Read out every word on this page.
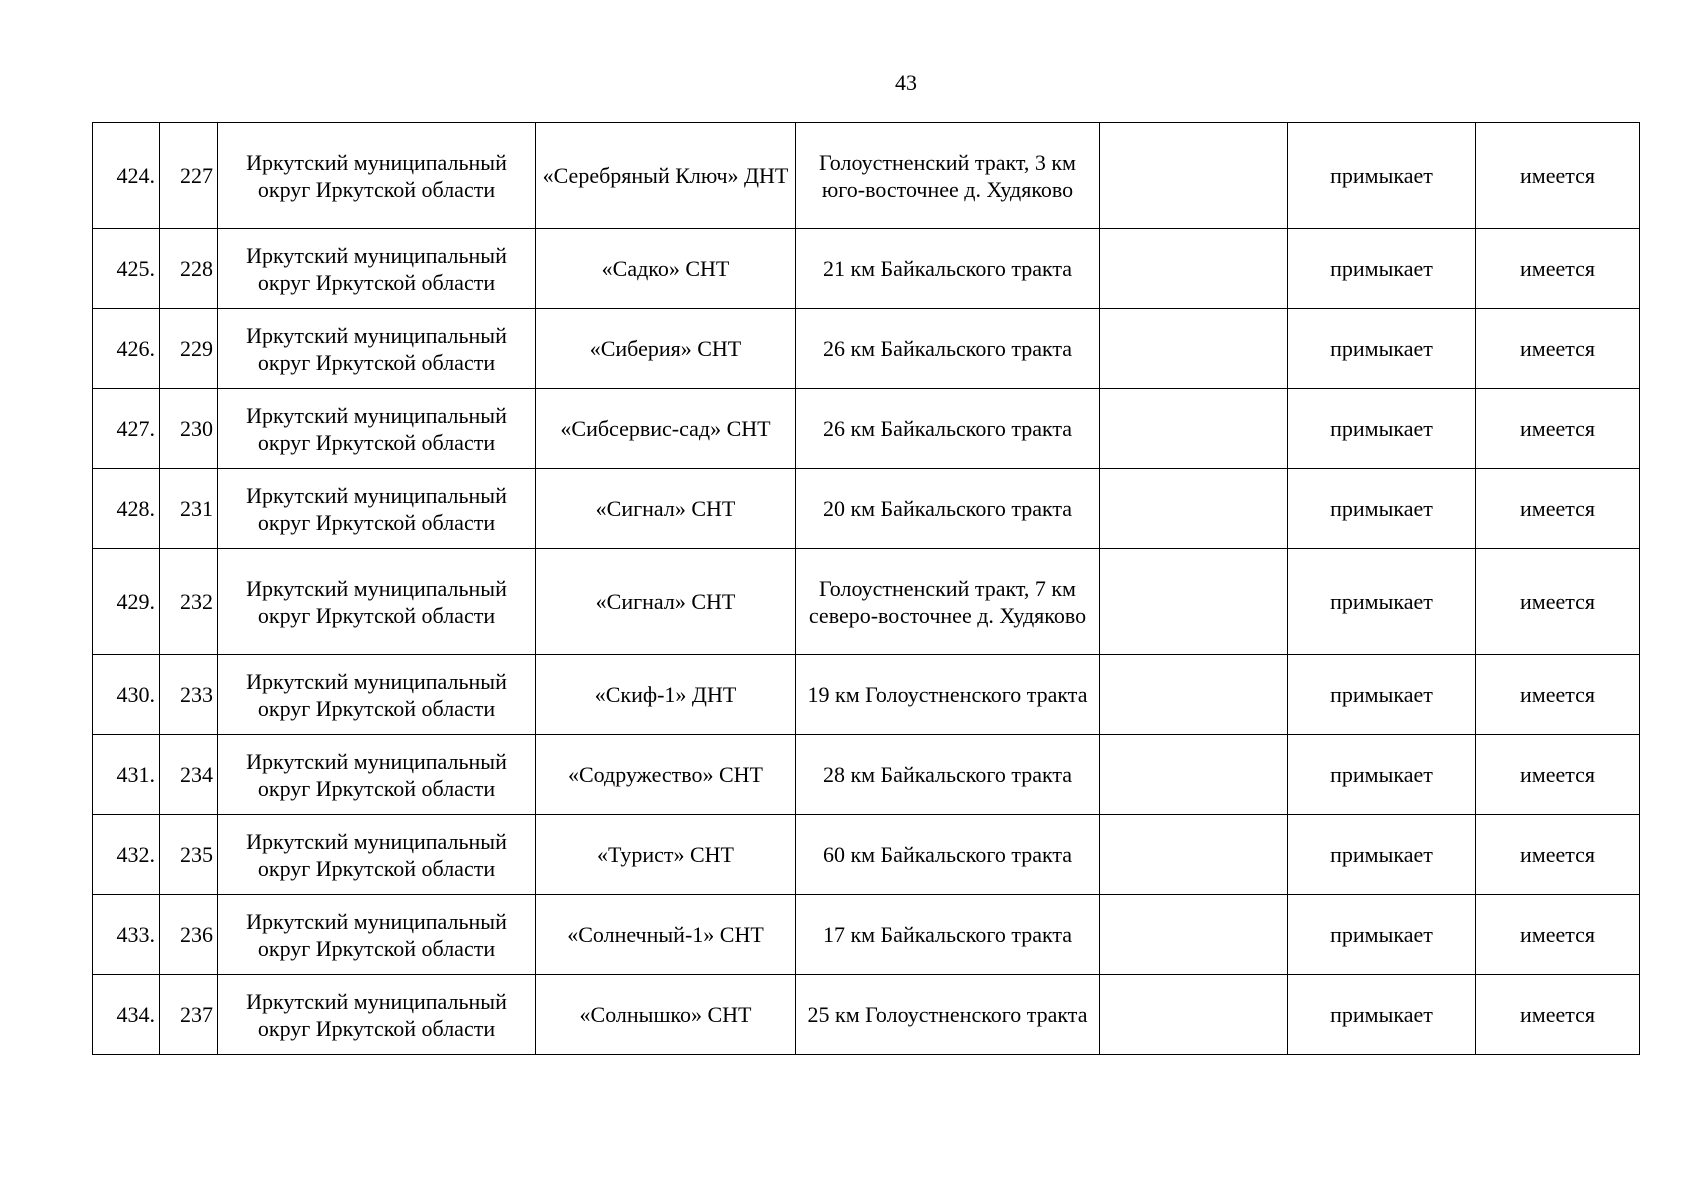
43
424.	227	Иркутский муниципальный округ Иркутской области	«Серебряный Ключ» ДНТ	Голоустненский тракт, 3 км юго-восточнее д. Худяково		примыкает	имеется
425.	228	Иркутский муниципальный округ Иркутской области	«Садко» СНТ	21 км Байкальского тракта		примыкает	имеется
426.	229	Иркутский муниципальный округ Иркутской области	«Сиберия» СНТ	26 км Байкальского тракта		примыкает	имеется
427.	230	Иркутский муниципальный округ Иркутской области	«Сибсервис-сад» СНТ	26 км Байкальского тракта		примыкает	имеется
428.	231	Иркутский муниципальный округ Иркутской области	«Сигнал» СНТ	20 км Байкальского тракта		примыкает	имеется
429.	232	Иркутский муниципальный округ Иркутской области	«Сигнал» СНТ	Голоустненский тракт, 7 км северо-восточнее д. Худяково		примыкает	имеется
430.	233	Иркутский муниципальный округ Иркутской области	«Скиф-1» ДНТ	19 км Голоустненского тракта		примыкает	имеется
431.	234	Иркутский муниципальный округ Иркутской области	«Содружество» СНТ	28 км Байкальского тракта		примыкает	имеется
432.	235	Иркутский муниципальный округ Иркутской области	«Турист» СНТ	60 км Байкальского тракта		примыкает	имеется
433.	236	Иркутский муниципальный округ Иркутской области	«Солнечный-1» СНТ	17 км Байкальского тракта		примыкает	имеется
434.	237	Иркутский муниципальный округ Иркутской области	«Солнышко» СНТ	25 км Голоустненского тракта		примыкает	имеется
